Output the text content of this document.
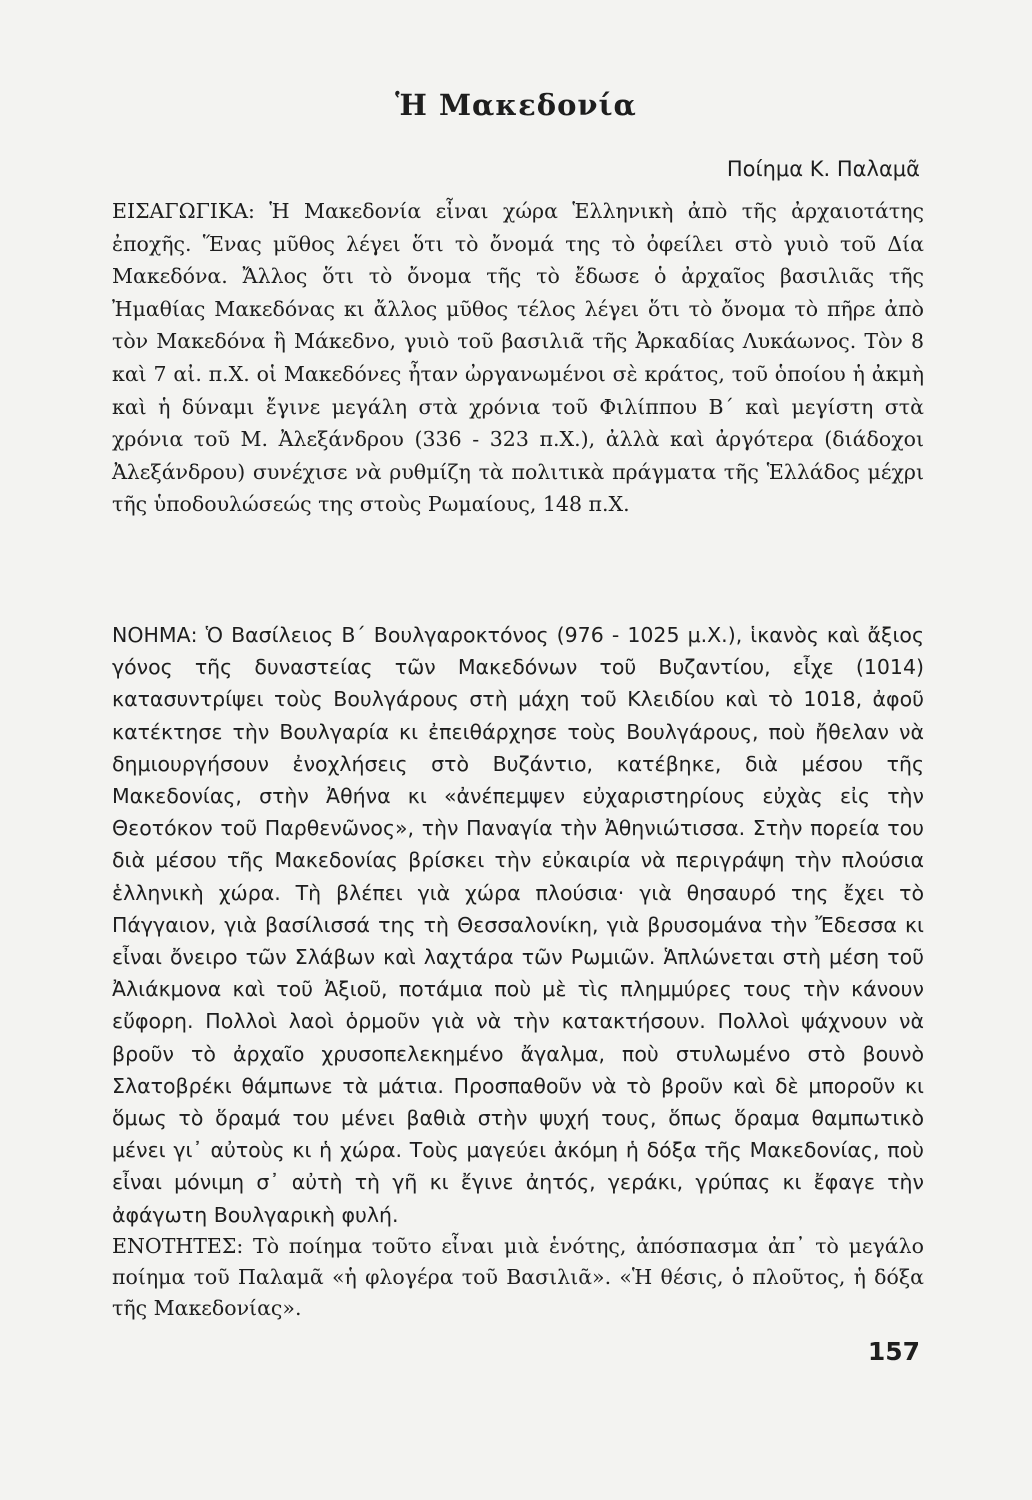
Ἡ Μακεδονία
Ποίημα Κ. Παλαμᾶ

ΕΙΣΑΓΩΓΙΚΑ: Ἡ Μακεδονία εἶναι χώρα Ἑλληνικὴ ἀπὸ τῆς ἀρχαιοτάτης ἐποχῆς. Ἕνας μῦθος λέγει ὅτι τὸ ὄνομά της τὸ ὀφείλει στὸ γυιὸ τοῦ Δία Μακεδόνα. Ἄλλος ὅτι τὸ ὄνομα τῆς τὸ ἔδωσε ὁ ἀρχαῖος βασιλιᾶς τῆς Ἠμαθίας Μακεδόνας κι ἄλλος μῦθος τέλος λέγει ὅτι τὸ ὄνομα τὸ πῆρε ἀπὸ τὸν Μακεδόνα ἢ Μάκεδνο, γυιὸ τοῦ βασιλιᾶ τῆς Ἀρκαδίας Λυκάωνος. Τὸν 8 καὶ 7 αἰ. π.Χ. οἱ Μακεδόνες ἦταν ὠργανωμένοι σὲ κράτος, τοῦ ὁποίου ἡ ἀκμὴ καὶ ἡ δύναμι ἔγινε μεγάλη στὰ χρόνια τοῦ Φιλίππου Β΄ καὶ μεγίστη στὰ χρόνια τοῦ Μ. Ἀλεξάνδρου (336 - 323 π.Χ.), ἀλλὰ καὶ ἀργότερα (διάδοχοι Ἀλεξάνδρου) συνέχισε νὰ ρυθμίζη τὰ πολιτικὰ πράγματα τῆς Ἑλλάδος μέχρι τῆς ὑποδουλώσεώς της στοὺς Ρωμαίους, 148 π.Χ.

ΝΟΗΜΑ: Ὁ Βασίλειος Β΄ Βουλγαροκτόνος (976 - 1025 μ.Χ.), ἱκανὸς καὶ ἄξιος γόνος τῆς δυναστείας τῶν Μακεδόνων τοῦ Βυζαντίου, εἶχε (1014) κατασυντρίψει τοὺς Βουλγάρους στὴ μάχη τοῦ Κλειδίου καὶ τὸ 1018, ἀφοῦ κατέκτησε τὴν Βουλγαρία κι ἐπειθάρχησε τοὺς Βουλγάρους, ποὺ ἤθελαν νὰ δημιουργήσουν ἐνοχλήσεις στὸ Βυζάντιο, κατέβηκε, διὰ μέσου τῆς Μακεδονίας, στὴν Ἀθήνα κι «ἀνέπεμψεν εὐχαριστηρίους εὐχὰς εἰς τὴν Θεοτόκον τοῦ Παρθενῶνος», τὴν Παναγία τὴν Ἀθηνιώτισσα. Στὴν πορεία του διὰ μέσου τῆς Μακεδονίας βρίσκει τὴν εὐκαιρία νὰ περιγράψη τὴν πλούσια ἑλληνικὴ χώρα. Τὴ βλέπει γιὰ χώρα πλούσια· γιὰ θησαυρό της ἔχει τὸ Πάγγαιον, γιὰ βασίλισσά της τὴ Θεσσαλονίκη, γιὰ βρυσομάνα τὴν Ἔδεσσα κι εἶναι ὄνειρο τῶν Σλάβων καὶ λαχτάρα τῶν Ρωμιῶν. Ἁπλώνεται στὴ μέση τοῦ Ἀλιάκμονα καὶ τοῦ Ἀξιοῦ, ποτάμια ποὺ μὲ τὶς πλημμύρες τους τὴν κάνουν εὔφορη. Πολλοὶ λαοὶ ὁρμοῦν γιὰ νὰ τὴν κατακτήσουν. Πολλοὶ ψάχνουν νὰ βροῦν τὸ ἀρχαῖο χρυσοπελεκημένο ἄγαλμα, ποὺ στυλωμένο στὸ βουνὸ Σλατοβρέκι θάμπωνε τὰ μάτια. Προσπαθοῦν νὰ τὸ βροῦν καὶ δὲ μποροῦν κι ὅμως τὸ ὅραμά του μένει βαθιὰ στὴν ψυχή τους, ὅπως ὅραμα θαμπωτικὸ μένει γι᾽ αὐτοὺς κι ἡ χώρα. Τοὺς μαγεύει ἀκόμη ἡ δόξα τῆς Μακεδονίας, ποὺ εἶναι μόνιμη σ᾽ αὐτὴ τὴ γῆ κι ἔγινε ἀητός, γεράκι, γρύπας κι ἔφαγε τὴν ἀφάγωτη Βουλγαρικὴ φυλή.

ΕΝΟΤΗΤΕΣ: Τὸ ποίημα τοῦτο εἶναι μιὰ ἑνότης, ἀπόσπασμα ἀπ᾽ τὸ μεγάλο ποίημα τοῦ Παλαμᾶ «ἡ φλογέρα τοῦ Βασιλιᾶ». «Ἡ θέσις, ὁ πλοῦτος, ἡ δόξα τῆς Μακεδονίας».

157
